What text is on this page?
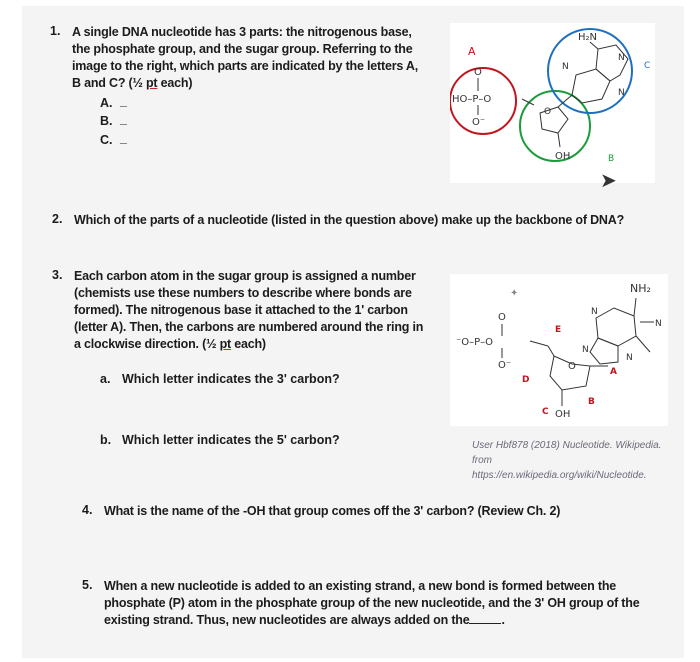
1. A single DNA nucleotide has 3 parts: the nitrogenous base,
the phosphate group, and the sugar group. Referring to the
image to the right, which parts are indicated by the letters A,
B and C? (½ pt each)
A. _
B. _
C. _
A
B
C
H₂N
O
HO–P–O
O⁻
OH
O
N
N
N
➤
2. Which of the parts of a nucleotide (listed in the question above) make up the backbone of DNA?
3. Each carbon atom in the sugar group is assigned a number
(chemists use these numbers to describe where bonds are
formed). The nitrogenous base it attached to the 1' carbon
(letter A). Then, the carbons are numbered around the ring in
a clockwise direction. (½ pt each)
a. Which letter indicates the 3' carbon?
b. Which letter indicates the 5' carbon?
NH₂
O
⁻O–P–O
O⁻
OH
O
N
N
N
N
A
B
C
D
E
✦
User Hbf878 (2018) Nucleotide. Wikipedia.
from
https://en.wikipedia.org/wiki/Nucleotide.
4. What is the name of the -OH that group comes off the 3' carbon? (Review Ch. 2)
5. When a new nucleotide is added to an existing strand, a new bond is formed between the
phosphate (P) atom in the phosphate group of the new nucleotide, and the 3' OH group of the
existing strand. Thus, new nucleotides are always added on the	.
